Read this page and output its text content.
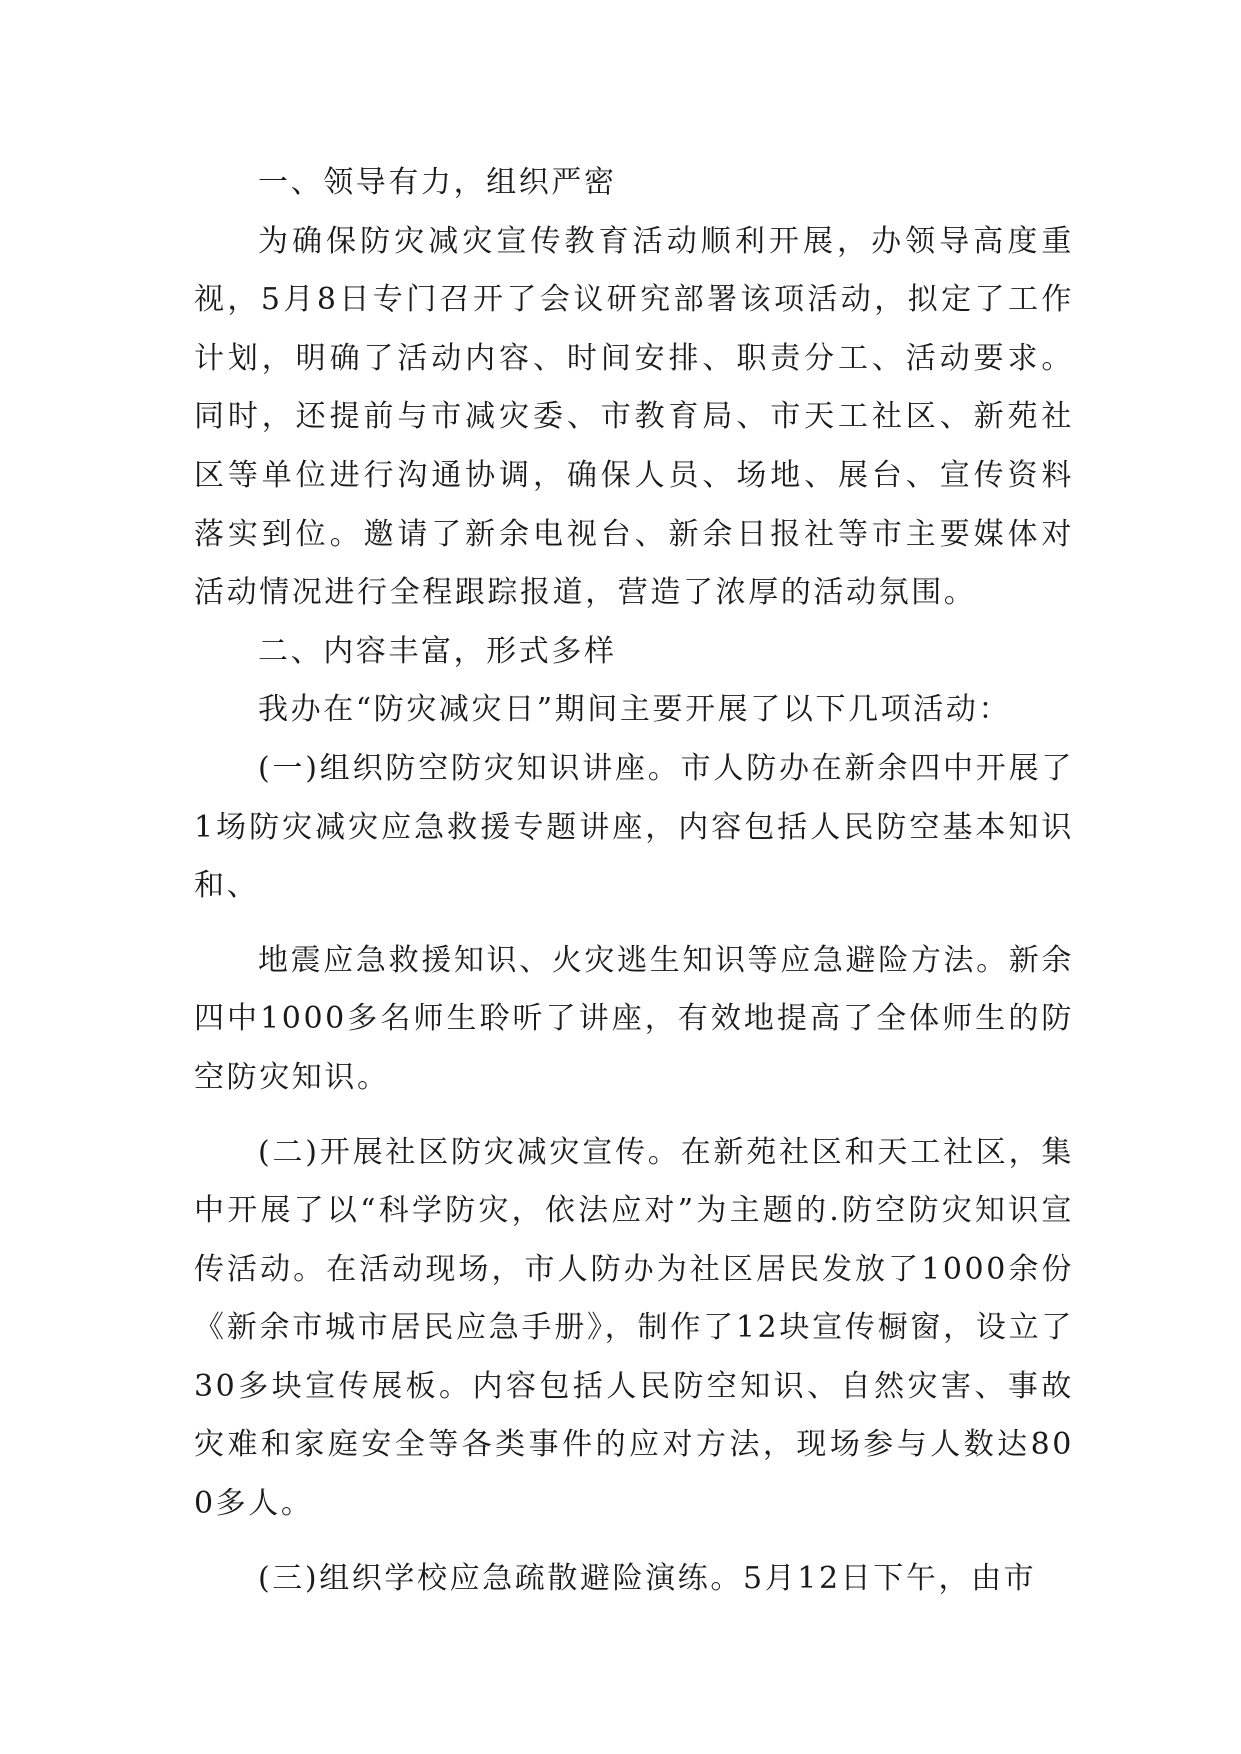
一、领导有力，组织严密

为确保防灾减灾宣传教育活动顺利开展，办领导高度重视，5月8日专门召开了会议研究部署该项活动，拟定了工作计划，明确了活动内容、时间安排、职责分工、活动要求。同时，还提前与市减灾委、市教育局、市天工社区、新苑社区等单位进行沟通协调，确保人员、场地、展台、宣传资料落实到位。邀请了新余电视台、新余日报社等市主要媒体对活动情况进行全程跟踪报道，营造了浓厚的活动氛围。

二、内容丰富，形式多样

我办在“防灾减灾日”期间主要开展了以下几项活动：

(一)组织防空防灾知识讲座。市人防办在新余四中开展了1场防灾减灾应急救援专题讲座，内容包括人民防空基本知识和、

地震应急救援知识、火灾逃生知识等应急避险方法。新余四中1000多名师生聆听了讲座，有效地提高了全体师生的防空防灾知识。

(二)开展社区防灾减灾宣传。在新苑社区和天工社区，集中开展了以“科学防灾，依法应对”为主题的.防空防灾知识宣传活动。在活动现场，市人防办为社区居民发放了1000余份《新余市城市居民应急手册》，制作了12块宣传橱窗，设立了30多块宣传展板。内容包括人民防空知识、自然灾害、事故灾难和家庭安全等各类事件的应对方法，现场参与人数达800多人。

(三)组织学校应急疏散避险演练。5月12日下午，由市
